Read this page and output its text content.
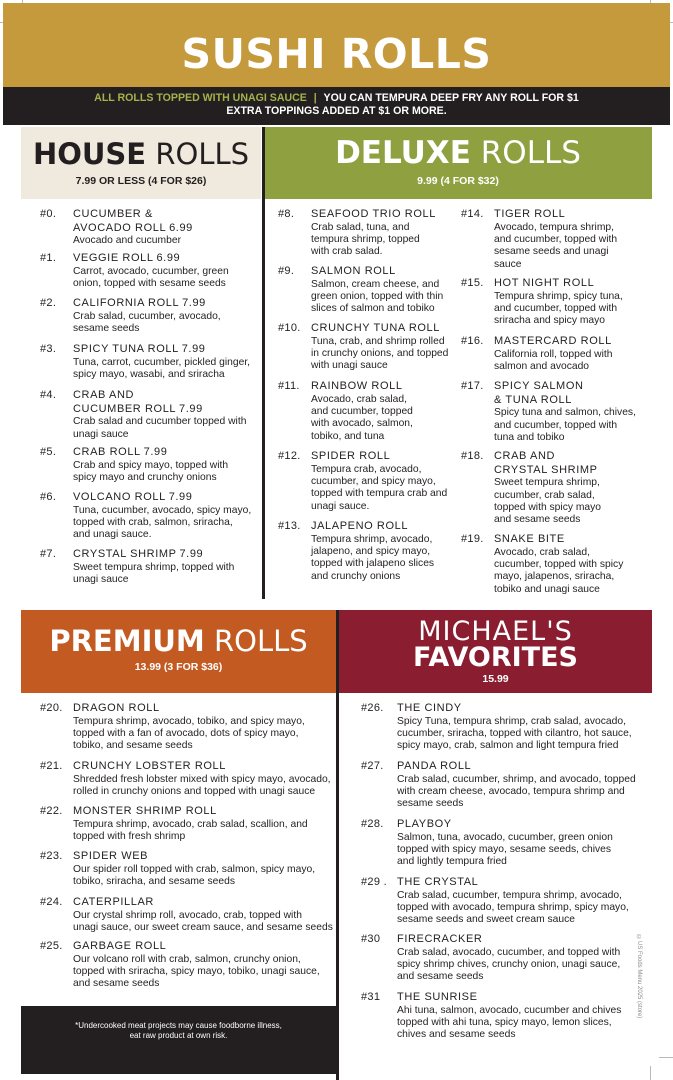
SUSHI ROLLS
ALL ROLLS TOPPED WITH UNAGI SAUCE | YOU CAN TEMPURA DEEP FRY ANY ROLL FOR $1
EXTRA TOPPINGS ADDED AT $1 OR MORE.
HOUSE ROLLS
7.99 OR LESS (4 FOR $26)
DELUXE ROLLS
9.99 (4 FOR $32)
PREMIUM ROLLS
13.99 (3 FOR $36)
MICHAEL'S
FAVORITES
15.99
#0. CUCUMBER &
AVOCADO ROLL 6.99
Avocado and cucumber
#1. VEGGIE ROLL 6.99
Carrot, avocado, cucumber, green
onion, topped with sesame seeds
#2. CALIFORNIA ROLL 7.99
Crab salad, cucumber, avocado,
sesame seeds
#3. SPICY TUNA ROLL 7.99
Tuna, carrot, cucumber, pickled ginger,
spicy mayo, wasabi, and sriracha
#4. CRAB AND
CUCUMBER ROLL 7.99
Crab salad and cucumber topped with
unagi sauce
#5. CRAB ROLL 7.99
Crab and spicy mayo, topped with
spicy mayo and crunchy onions
#6. VOLCANO ROLL 7.99
Tuna, cucumber, avocado, spicy mayo,
topped with crab, salmon, sriracha,
and unagi sauce.
#7. CRYSTAL SHRIMP 7.99
Sweet tempura shrimp, topped with
unagi sauce
#8. SEAFOOD TRIO ROLL
Crab salad, tuna, and
tempura shrimp, topped
with crab salad.
#9. SALMON ROLL
Salmon, cream cheese, and
green onion, topped with thin
slices of salmon and tobiko
#10. CRUNCHY TUNA ROLL
Tuna, crab, and shrimp rolled
in crunchy onions, and topped
with unagi sauce
#11. RAINBOW ROLL
Avocado, crab salad,
and cucumber, topped
with avocado, salmon,
tobiko, and tuna
#12. SPIDER ROLL
Tempura crab, avocado,
cucumber, and spicy mayo,
topped with tempura crab and
unagi sauce.
#13. JALAPENO ROLL
Tempura shrimp, avocado,
jalapeno, and spicy mayo,
topped with jalapeno slices
and crunchy onions
#14. TIGER ROLL
Avocado, tempura shrimp,
and cucumber, topped with
sesame seeds and unagi
sauce
#15. HOT NIGHT ROLL
Tempura shrimp, spicy tuna,
and cucumber, topped with
sriracha and spicy mayo
#16. MASTERCARD ROLL
California roll, topped with
salmon and avocado
#17. SPICY SALMON
& TUNA ROLL
Spicy tuna and salmon, chives,
and cucumber, topped with
tuna and tobiko
#18. CRAB AND
CRYSTAL SHRIMP
Sweet tempura shrimp,
cucumber, crab salad,
topped with spicy mayo
and sesame seeds
#19. SNAKE BITE
Avocado, crab salad,
cucumber, topped with spicy
mayo, jalapenos, sriracha,
tobiko and unagi sauce
#20. DRAGON ROLL
Tempura shrimp, avocado, tobiko, and spicy mayo,
topped with a fan of avocado, dots of spicy mayo,
tobiko, and sesame seeds
#21. CRUNCHY LOBSTER ROLL
Shredded fresh lobster mixed with spicy mayo, avocado,
rolled in crunchy onions and topped with unagi sauce
#22. MONSTER SHRIMP ROLL
Tempura shrimp, avocado, crab salad, scallion, and
topped with fresh shrimp
#23. SPIDER WEB
Our spider roll topped with crab, salmon, spicy mayo,
tobiko, sriracha, and sesame seeds
#24. CATERPILLAR
Our crystal shrimp roll, avocado, crab, topped with
unagi sauce, our sweet cream sauce, and sesame seeds
#25. GARBAGE ROLL
Our volcano roll with crab, salmon, crunchy onion,
topped with sriracha, spicy mayo, tobiko, unagi sauce,
and sesame seeds
#26. THE CINDY
Spicy Tuna, tempura shrimp, crab salad, avocado,
cucumber, sriracha, topped with cilantro, hot sauce,
spicy mayo, crab, salmon and light tempura fried
#27. PANDA ROLL
Crab salad, cucumber, shrimp, and avocado, topped
with cream cheese, avocado, tempura shrimp and
sesame seeds
#28. PLAYBOY
Salmon, tuna, avocado, cucumber, green onion
topped with spicy mayo, sesame seeds, chives
and lightly tempura fried
#29 . THE CRYSTAL
Crab salad, cucumber, tempura shrimp, avocado,
topped with avocado, tempura shrimp, spicy mayo,
sesame seeds and sweet cream sauce
#30 FIRECRACKER
Crab salad, avocado, cucumber, and topped with
spicy shrimp chives, crunchy onion, unagi sauce,
and sesame seeds
#31 THE SUNRISE
Ahi tuna, salmon, avocado, cucumber and chives
topped with ahi tuna, spicy mayo, lemon slices,
chives and sesame seeds
*Undercooked meat projects may cause foodborne illness,
eat raw product at own risk.
©US Foods Menu 2025 (store)
